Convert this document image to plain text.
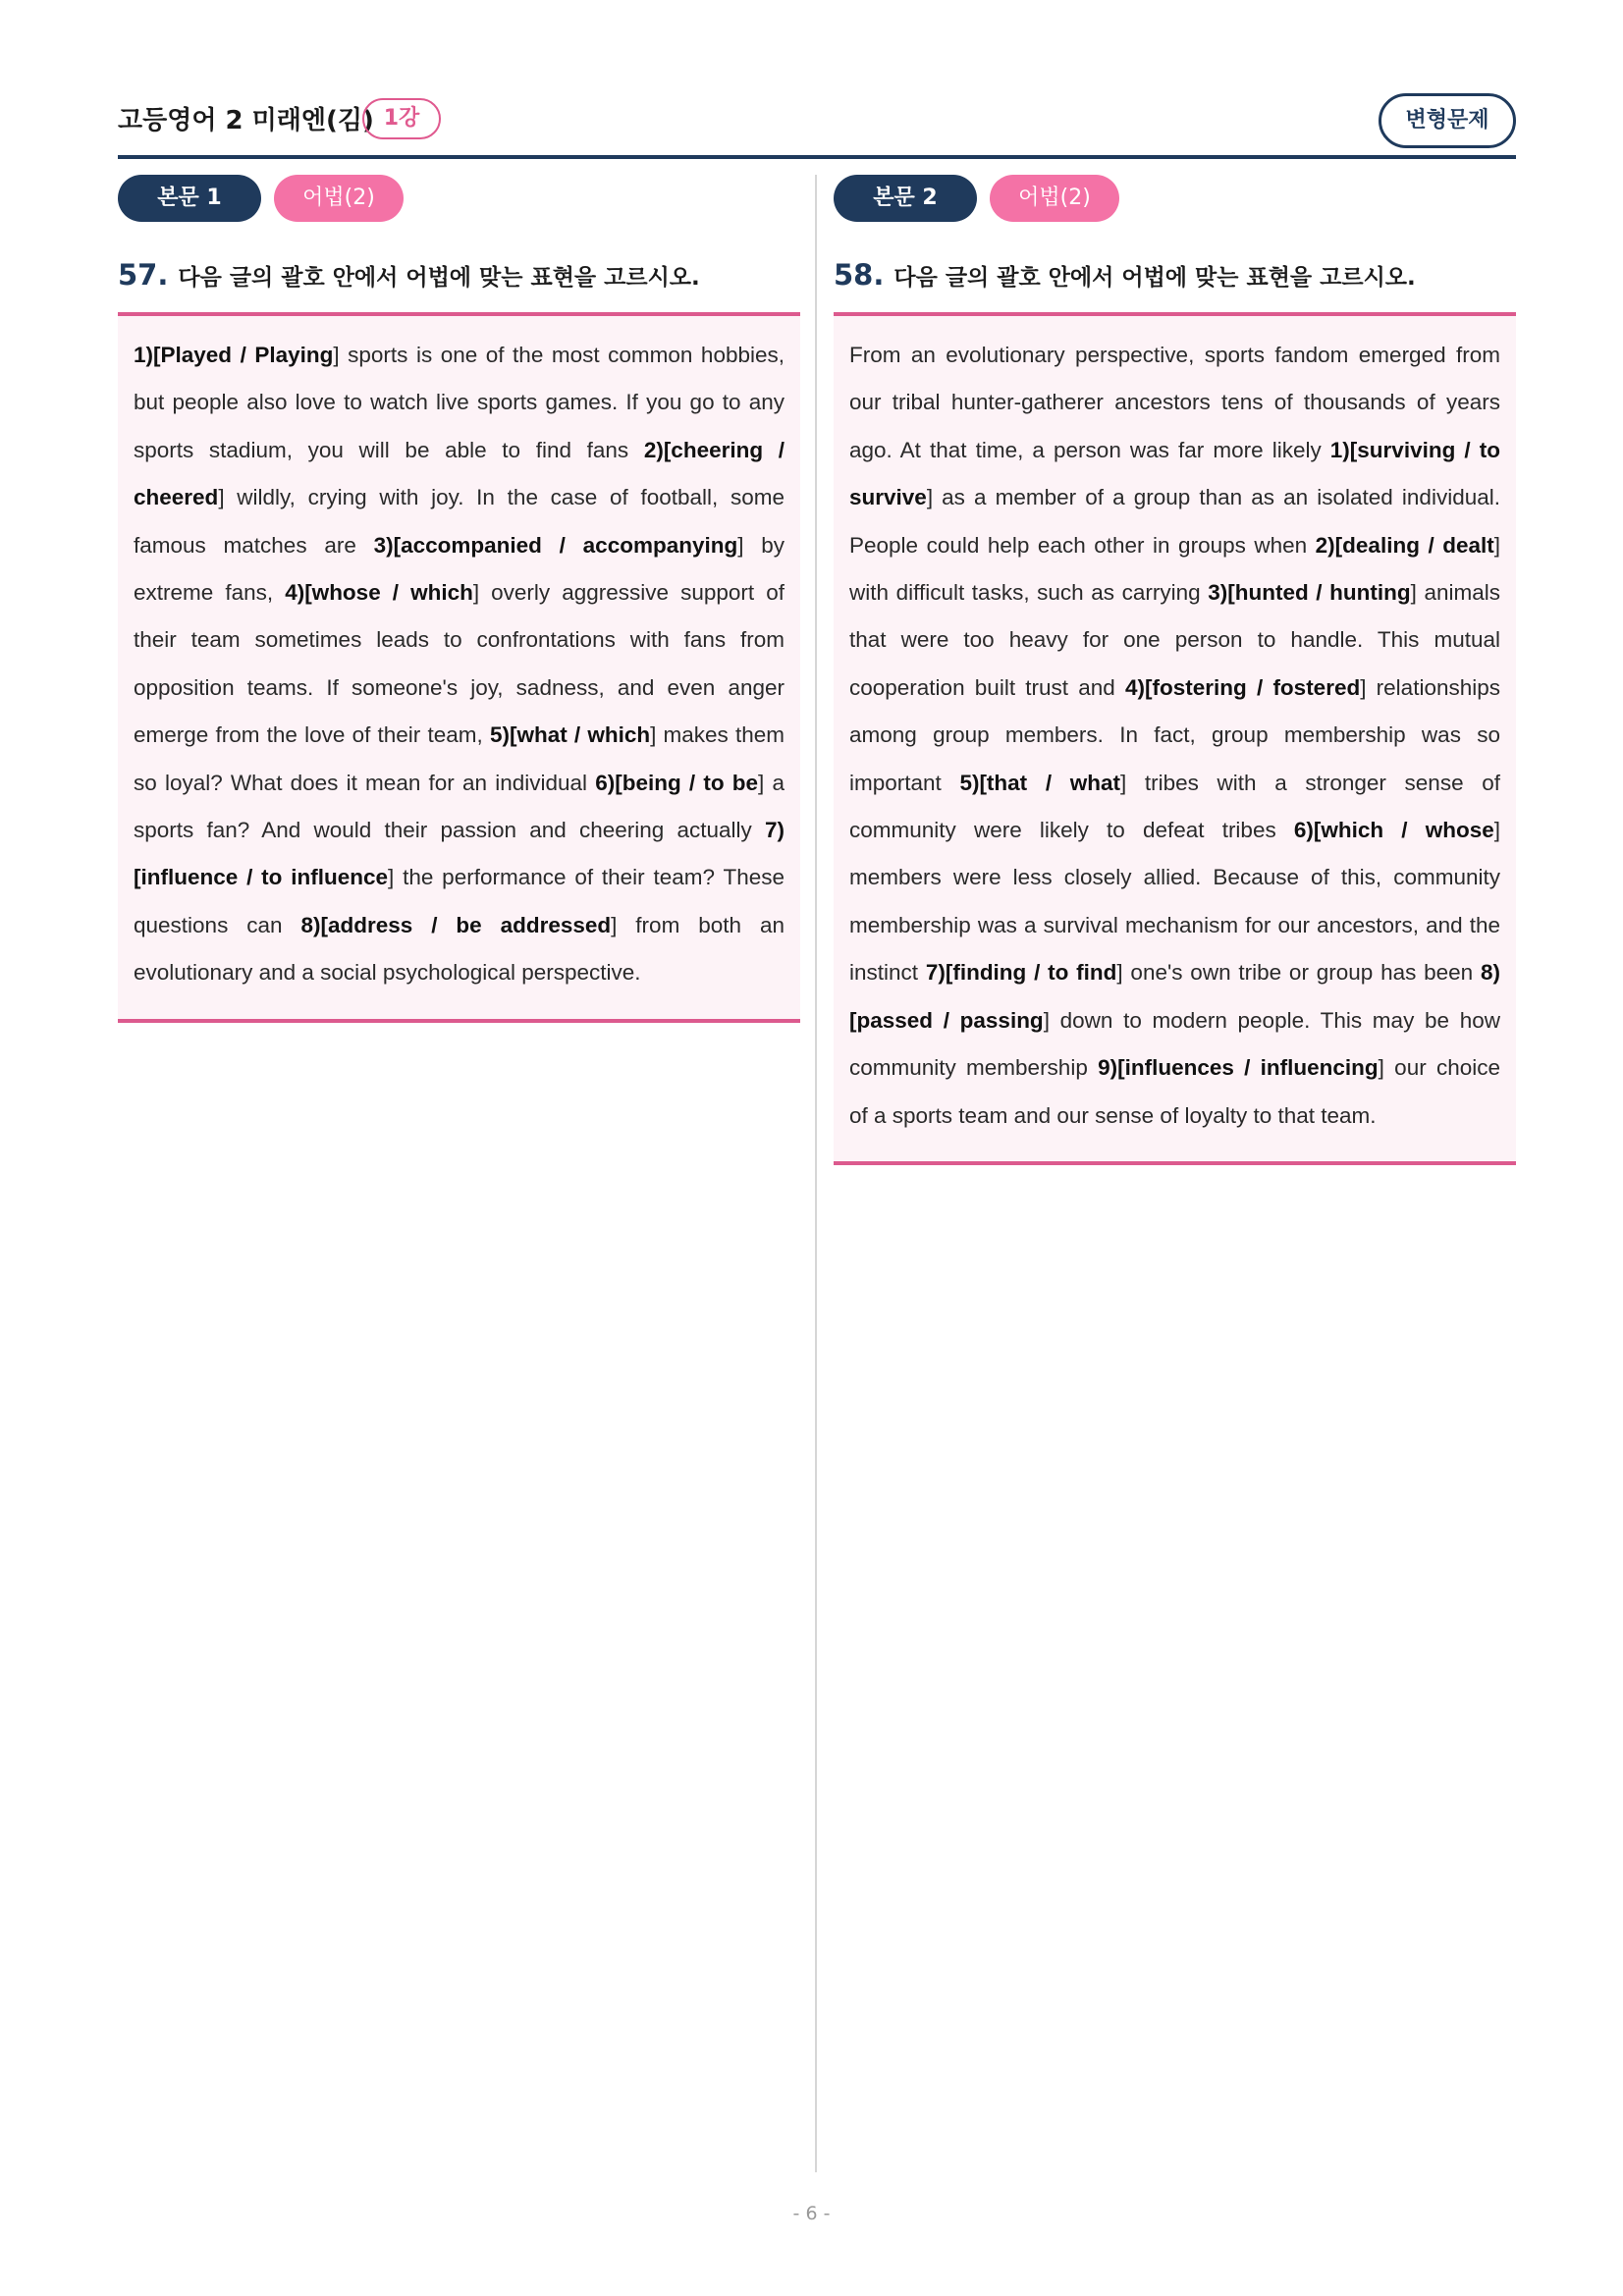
고등영어 2 미래엔(김) 1강	변형문제
본문 1	어법(2)
57. 다음 글의 괄호 안에서 어법에 맞는 표현을 고르시오.

1)[Played / Playing] sports is one of the most common hobbies, but people also love to watch live sports games. If you go to any sports stadium, you will be able to find fans 2)[cheering / cheered] wildly, crying with joy. In the case of football, some famous matches are 3)[accompanied / accompanying] by extreme fans, 4)[whose / which] overly aggressive support of their team sometimes leads to confrontations with fans from opposition teams. If someone's joy, sadness, and even anger emerge from the love of their team, 5)[what / which] makes them so loyal? What does it mean for an individual 6)[being / to be] a sports fan? And would their passion and cheering actually 7)[influence / to influence] the performance of their team? These questions can 8)[address / be addressed] from both an evolutionary and a social psychological perspective.

본문 2	어법(2)
58. 다음 글의 괄호 안에서 어법에 맞는 표현을 고르시오.

From an evolutionary perspective, sports fandom emerged from our tribal hunter-gatherer ancestors tens of thousands of years ago. At that time, a person was far more likely 1)[surviving / to survive] as a member of a group than as an isolated individual. People could help each other in groups when 2)[dealing / dealt] with difficult tasks, such as carrying 3)[hunted / hunting] animals that were too heavy for one person to handle. This mutual cooperation built trust and 4)[fostering / fostered] relationships among group members. In fact, group membership was so important 5)[that / what] tribes with a stronger sense of community were likely to defeat tribes 6)[which / whose] members were less closely allied. Because of this, community membership was a survival mechanism for our ancestors, and the instinct 7)[finding / to find] one's own tribe or group has been 8)[passed / passing] down to modern people. This may be how community membership 9)[influences / influencing] our choice of a sports team and our sense of loyalty to that team.

- 6 -
